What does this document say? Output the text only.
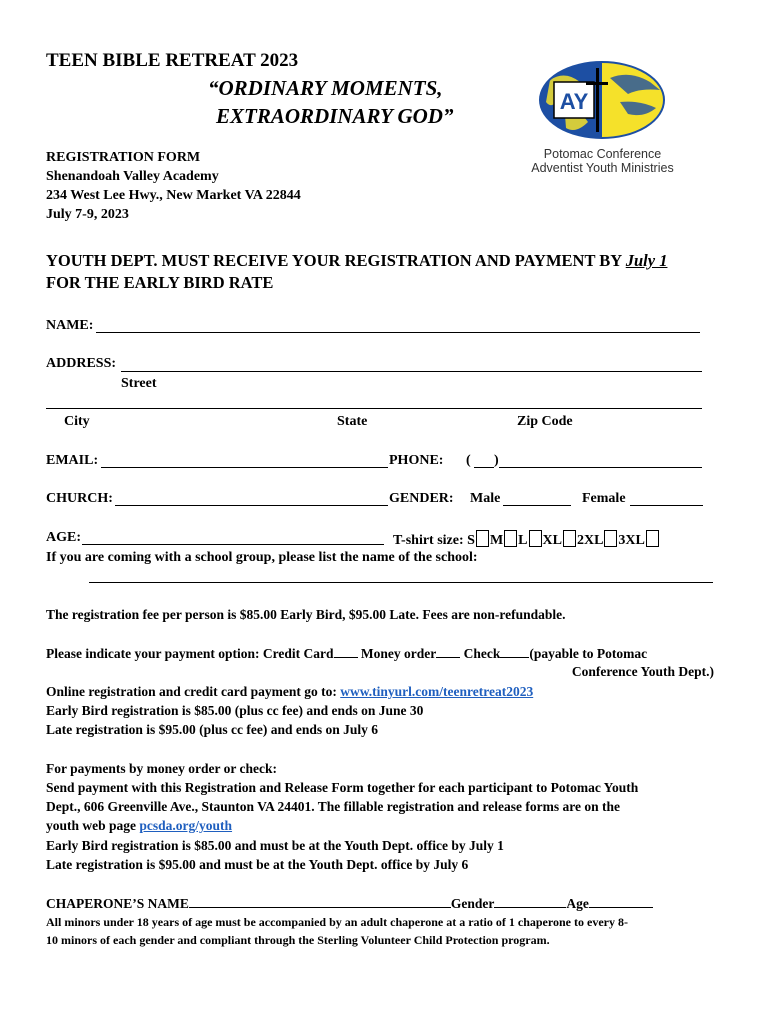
TEEN BIBLE RETREAT 2023
“ORDINARY MOMENTS,
EXTRAORDINARY GOD”
AY
Potomac Conference
Adventist Youth Ministries
REGISTRATION FORM
Shenandoah Valley Academy
234 West Lee Hwy., New Market VA 22844
July 7-9, 2023
YOUTH DEPT. MUST RECEIVE YOUR REGISTRATION AND PAYMENT BY July 1
FOR THE EARLY BIRD RATE
NAME:
ADDRESS:
Street
City	State	Zip Code
EMAIL:	PHONE: ( )
CHURCH:	GENDER: Male	Female
AGE:	T-shirt size: S M L XL 2XL 3XL
If you are coming with a school group, please list the name of the school:
The registration fee per person is $85.00 Early Bird, $95.00 Late. Fees are non-refundable.
Please indicate your payment option: Credit Card Money order Check (payable to Potomac
Conference Youth Dept.)
Online registration and credit card payment go to: www.tinyurl.com/teenretreat2023
Early Bird registration is $85.00 (plus cc fee) and ends on June 30
Late registration is $95.00 (plus cc fee) and ends on July 6
For payments by money order or check:
Send payment with this Registration and Release Form together for each participant to Potomac Youth
Dept., 606 Greenville Ave., Staunton VA 24401. The fillable registration and release forms are on the
youth web page pcsda.org/youth
Early Bird registration is $85.00 and must be at the Youth Dept. office by July 1
Late registration is $95.00 and must be at the Youth Dept. office by July 6
CHAPERONE’S NAME	Gender	Age
All minors under 18 years of age must be accompanied by an adult chaperone at a ratio of 1 chaperone to every 8-
10 minors of each gender and compliant through the Sterling Volunteer Child Protection program.
